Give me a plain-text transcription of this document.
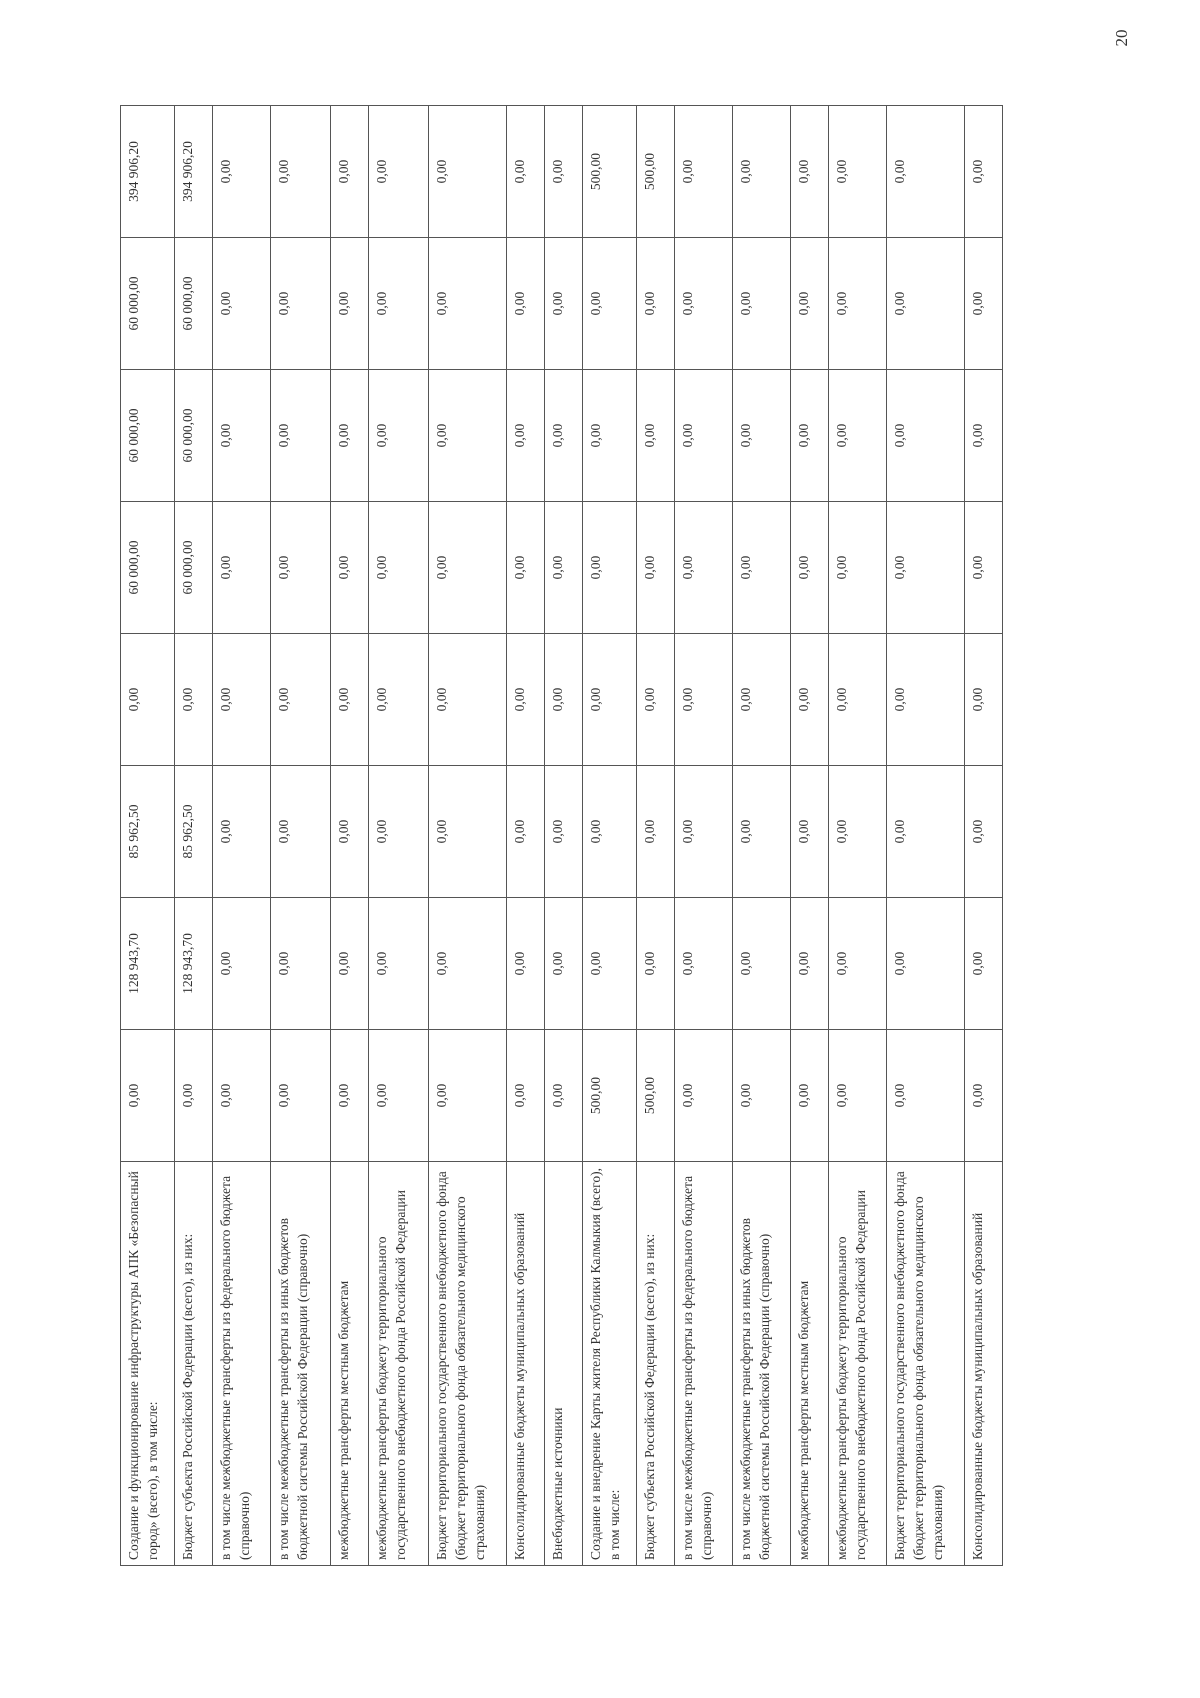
Создание и функционирование инфраструктуры АПК «Безопасный город» (всего), в том числе:	0,00	128 943,70	85 962,50	0,00	60 000,00	60 000,00	60 000,00	394 906,20
Бюджет субъекта Российской Федерации (всего), из них:	0,00	128 943,70	85 962,50	0,00	60 000,00	60 000,00	60 000,00	394 906,20
в том числе межбюджетные трансферты из федерального бюджета (справочно)	0,00	0,00	0,00	0,00	0,00	0,00	0,00	0,00
в том числе межбюджетные трансферты из иных бюджетов бюджетной системы Российской Федерации (справочно)	0,00	0,00	0,00	0,00	0,00	0,00	0,00	0,00
межбюджетные трансферты местным бюджетам	0,00	0,00	0,00	0,00	0,00	0,00	0,00	0,00
межбюджетные трансферты бюджету территориального государственного внебюджетного фонда Российской Федерации	0,00	0,00	0,00	0,00	0,00	0,00	0,00	0,00
Бюджет территориального государственного внебюджетного фонда (бюджет территориального фонда обязательного медицинского страхования)	0,00	0,00	0,00	0,00	0,00	0,00	0,00	0,00
Консолидированные бюджеты муниципальных образований	0,00	0,00	0,00	0,00	0,00	0,00	0,00	0,00
Внебюджетные источники	0,00	0,00	0,00	0,00	0,00	0,00	0,00	0,00
Создание и внедрение Карты жителя Республики Калмыкия (всего), в том числе:	500,00	0,00	0,00	0,00	0,00	0,00	0,00	500,00
Бюджет субъекта Российской Федерации (всего), из них:	500,00	0,00	0,00	0,00	0,00	0,00	0,00	500,00
в том числе межбюджетные трансферты из федерального бюджета (справочно)	0,00	0,00	0,00	0,00	0,00	0,00	0,00	0,00
в том числе межбюджетные трансферты из иных бюджетов бюджетной системы Российской Федерации (справочно)	0,00	0,00	0,00	0,00	0,00	0,00	0,00	0,00
межбюджетные трансферты местным бюджетам	0,00	0,00	0,00	0,00	0,00	0,00	0,00	0,00
межбюджетные трансферты бюджету территориального государственного внебюджетного фонда Российской Федерации	0,00	0,00	0,00	0,00	0,00	0,00	0,00	0,00
Бюджет территориального государственного внебюджетного фонда (бюджет территориального фонда обязательного медицинского страхования)	0,00	0,00	0,00	0,00	0,00	0,00	0,00	0,00
Консолидированные бюджеты муниципальных образований	0,00	0,00	0,00	0,00	0,00	0,00	0,00	0,00
20
